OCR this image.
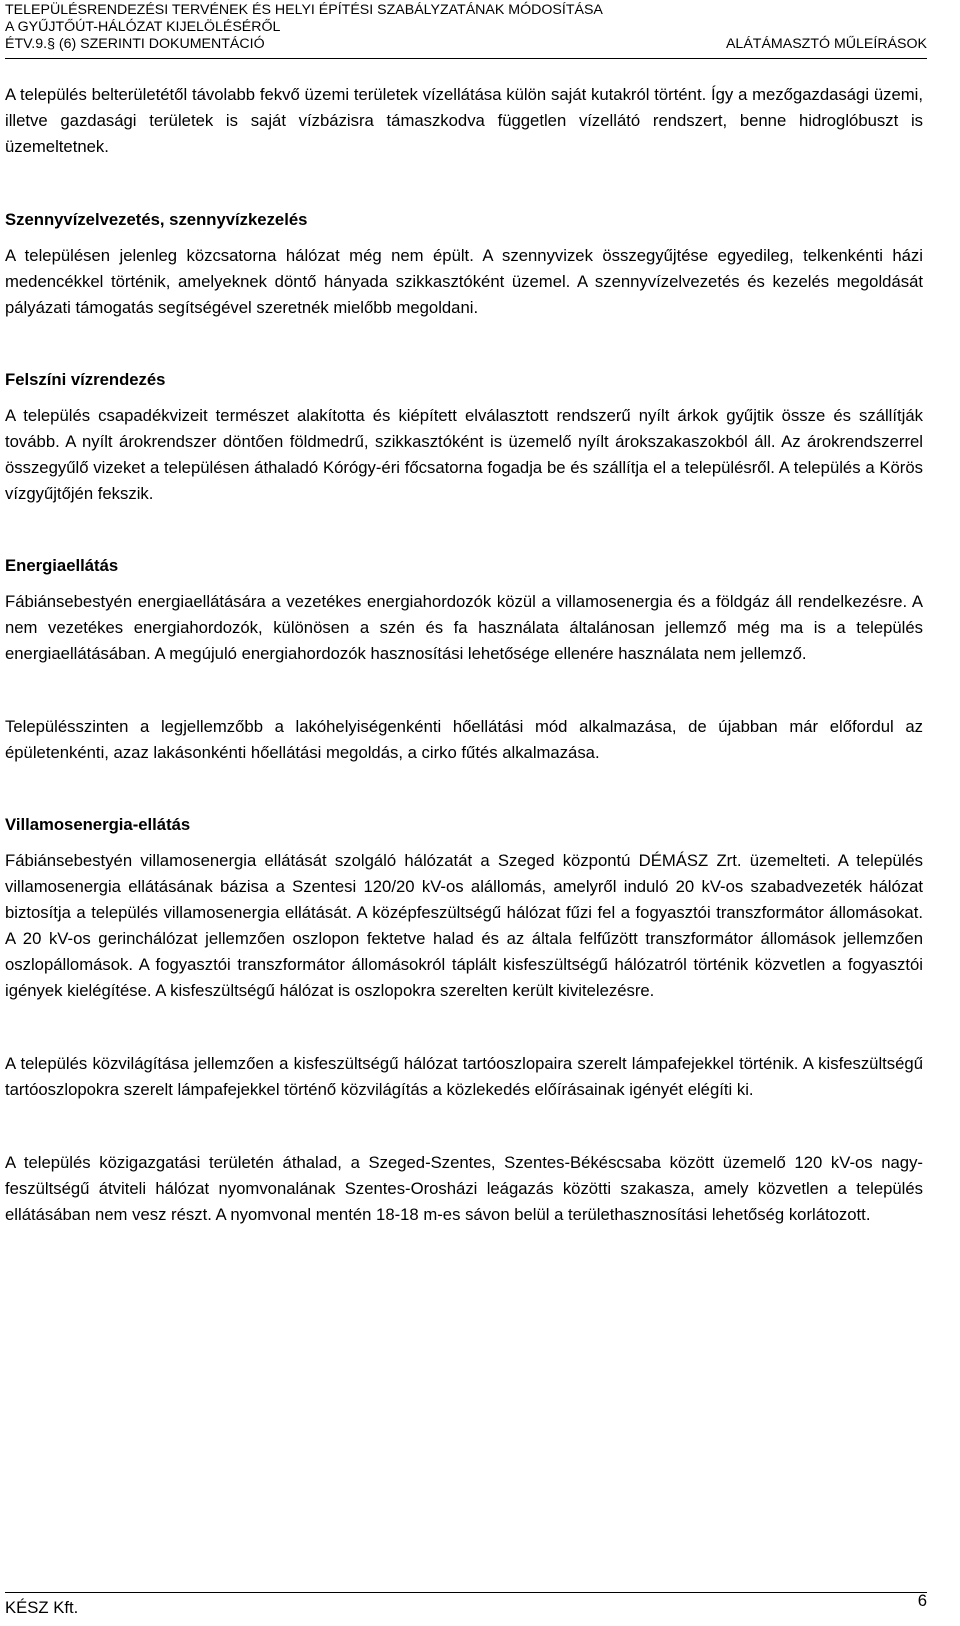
TELEPÜLÉSRENDEZÉSI TERVÉNEK ÉS HELYI ÉPÍTÉSI SZABÁLYZATÁNAK MÓDOSÍTÁSA
A GYŰJTŐÚT-HÁLÓZAT KIJELÖLÉSÉRŐL
ÉTV.9.§ (6) SZERINTI DOKUMENTÁCIÓ	ALÁTÁMASZTÓ MŰLEÍRÁSOK

A település belterületétől távolabb fekvő üzemi területek vízellátása külön saját kutakról történt. Így a mezőgazdasági üzemi, illetve gazdasági területek is saját vízbázisra támaszkodva független vízellátó rendszert, benne hidroglóbuszt is üzemeltetnek.

Szennyvízelvezetés, szennyvízkezelés

A településen jelenleg közcsatorna hálózat még nem épült. A szennyvizek összegyűjtése egyedileg, telkenkénti házi medencékkel történik, amelyeknek döntő hányada szikkasztóként üzemel. A szennyvízelvezetés és kezelés megoldását pályázati támogatás segítségével szeretnék mielőbb megoldani.

Felszíni vízrendezés

A település csapadékvizeit természet alakította és kiépített elválasztott rendszerű nyílt árkok gyűjtik össze és szállítják tovább. A nyílt árokrendszer döntően földmedrű, szikkasztóként is üzemelő nyílt árokszakaszokból áll. Az árokrendszerrel összegyűlő vizeket a településen áthaladó Kórógy-éri főcsatorna fogadja be és szállítja el a településről. A település a Körös vízgyűjtőjén fekszik.

Energiaellátás

Fábiánsebestyén energiaellátására a vezetékes energiahordozók közül a villamosenergia és a földgáz áll rendelkezésre. A nem vezetékes energiahordozók, különösen a szén és fa használata általánosan jellemző még ma is a település energiaellátásában. A megújuló energiahordozók hasznosítási lehetősége ellenére használata nem jellemző.

Településszinten a legjellemzőbb a lakóhelyiségenkénti hőellátási mód alkalmazása, de újabban már előfordul az épületenkénti, azaz lakásonkénti hőellátási megoldás, a cirko fűtés alkalmazása.

Villamosenergia-ellátás

Fábiánsebestyén villamosenergia ellátását szolgáló hálózatát a Szeged központú DÉMÁSZ Zrt. üzemelteti. A település villamosenergia ellátásának bázisa a Szentesi 120/20 kV-os alállomás, amelyről induló 20 kV-os szabadvezeték hálózat biztosítja a település villamosenergia ellátását. A középfeszültségű hálózat fűzi fel a fogyasztói transzformátor állomásokat. A 20 kV-os gerinchálózat jellemzően oszlopon fektetve halad és az általa felfűzött transzformátor állomások jellemzően oszlopállomások. A fogyasztói transzformátor állomásokról táplált kisfeszültségű hálózatról történik közvetlen a fogyasztói igények kielégítése. A kisfeszültségű hálózat is oszlopokra szerelten került kivitelezésre.

A település közvilágítása jellemzően a kisfeszültségű hálózat tartóoszlopaira szerelt lámpafejekkel történik. A kisfeszültségű tartóoszlopokra szerelt lámpafejekkel történő közvilágítás a közlekedés előírásainak igényét elégíti ki.

A település közigazgatási területén áthalad, a Szeged-Szentes, Szentes-Békéscsaba között üzemelő 120 kV-os nagy-feszültségű átviteli hálózat nyomvonalának Szentes-Orosházi leágazás közötti szakasza, amely közvetlen a település ellátásában nem vesz részt. A nyomvonal mentén 18-18 m-es sávon belül a területhasznosítási lehetőség korlátozott.

KÉSZ Kft.	6
